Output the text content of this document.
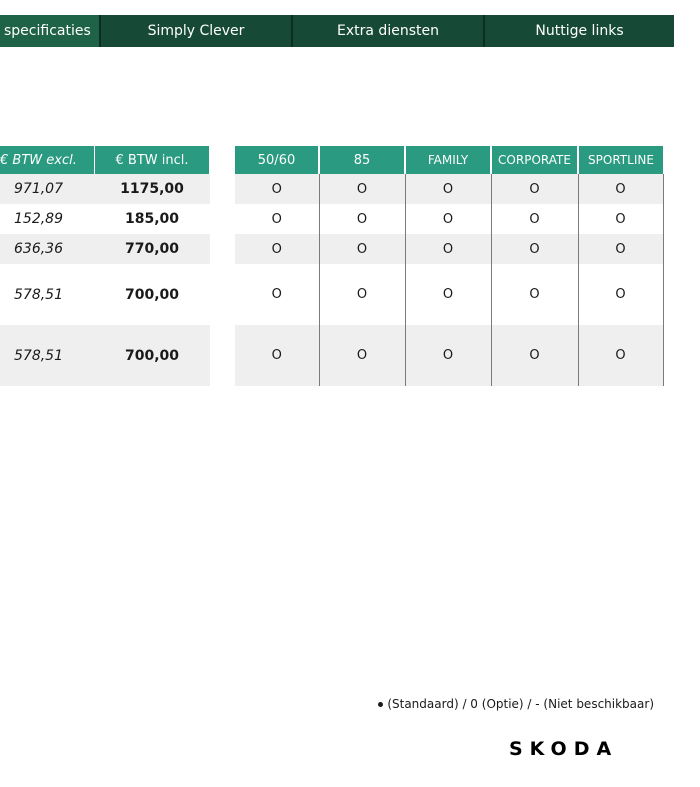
specificaties	Simply Clever	Extra diensten	Nuttige links
€ BTW excl.	€ BTW incl.
971,07	1175,00
152,89	185,00
636,36	770,00
578,51	700,00
578,51	700,00
50/60	85	FAMILY	CORPORATE	SPORTLINE
O	O	O	O	O
O	O	O	O	O
O	O	O	O	O
O	O	O	O	O
O	O	O	O	O
(Standaard) / 0 (Optie) / - (Niet beschikbaar)
SKODA
